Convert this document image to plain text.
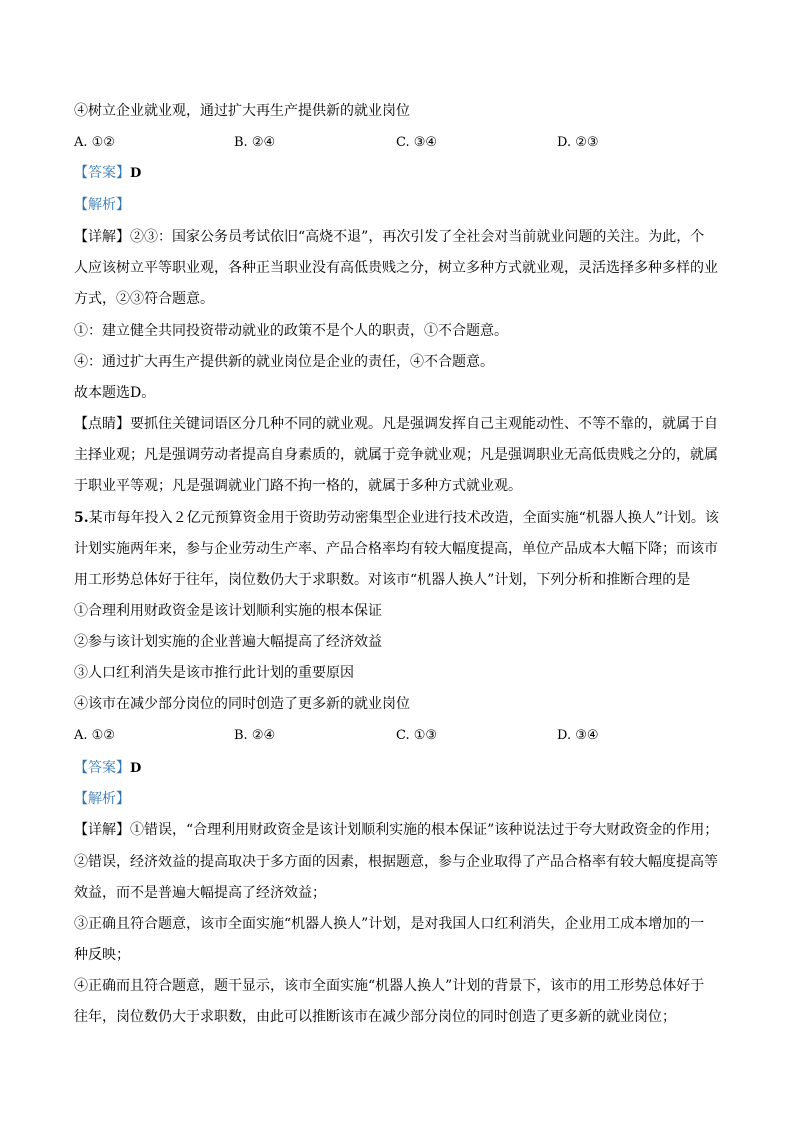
④树立企业就业观，通过扩大再生产提供新的就业岗位
A. ①②	B. ②④	C. ③④	D. ②③
【答案】D
【解析】
【详解】②③：国家公务员考试依旧“高烧不退”，再次引发了全社会对当前就业问题的关注。为此，个
人应该树立平等职业观，各种正当职业没有高低贵贱之分，树立多种方式就业观，灵活选择多种多样的业
方式，②③符合题意。
①：建立健全共同投资带动就业的政策不是个人的职责，①不合题意。
④：通过扩大再生产提供新的就业岗位是企业的责任，④不合题意。
故本题选D。
【点睛】要抓住关键词语区分几种不同的就业观。凡是强调发挥自己主观能动性、不等不靠的，就属于自
主择业观；凡是强调劳动者提高自身素质的，就属于竞争就业观；凡是强调职业无高低贵贱之分的，就属
于职业平等观；凡是强调就业门路不拘一格的，就属于多种方式就业观。
5.某市每年投入２亿元预算资金用于资助劳动密集型企业进行技术改造，全面实施“机器人换人”计划。该
计划实施两年来，参与企业劳动生产率、产品合格率均有较大幅度提高，单位产品成本大幅下降；而该市
用工形势总体好于往年，岗位数仍大于求职数。对该市“机器人换人”计划，下列分析和推断合理的是
①合理利用财政资金是该计划顺利实施的根本保证
②参与该计划实施的企业普遍大幅提高了经济效益
③人口红利消失是该市推行此计划的重要原因
④该市在减少部分岗位的同时创造了更多新的就业岗位
A. ①②	B. ②④	C. ①③	D. ③④
【答案】D
【解析】
【详解】①错误，“合理利用财政资金是该计划顺利实施的根本保证”该种说法过于夸大财政资金的作用；
②错误，经济效益的提高取决于多方面的因素，根据题意，参与企业取得了产品合格率有较大幅度提高等
效益，而不是普遍大幅提高了经济效益；
③正确且符合题意，该市全面实施“机器人换人”计划，是对我国人口红利消失，企业用工成本增加的一
种反映；
④正确而且符合题意，题干显示，该市全面实施“机器人换人”计划的背景下，该市的用工形势总体好于
往年，岗位数仍大于求职数，由此可以推断该市在减少部分岗位的同时创造了更多新的就业岗位；
